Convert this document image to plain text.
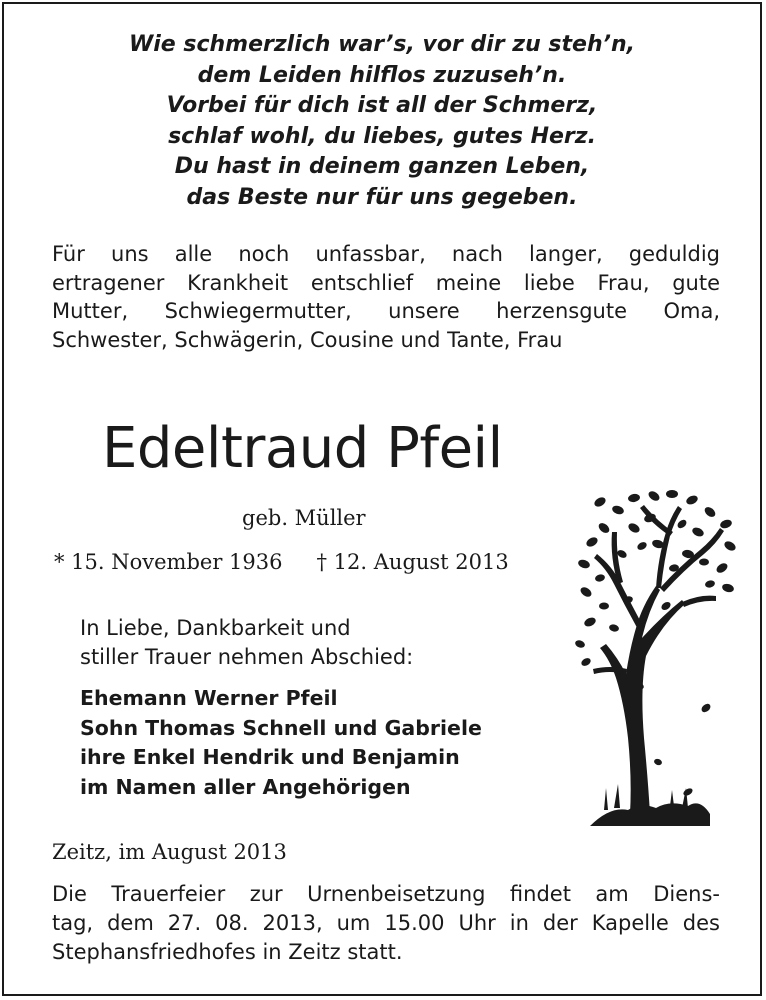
Wie schmerzlich war’s, vor dir zu steh’n,
dem Leiden hilflos zuzuseh’n.
Vorbei für dich ist all der Schmerz,
schlaf wohl, du liebes, gutes Herz.
Du hast in deinem ganzen Leben,
das Beste nur für uns gegeben.
Für uns alle noch unfassbar, nach langer, geduldig
ertragener Krankheit entschlief meine liebe Frau, gute
Mutter, Schwiegermutter, unsere herzensgute Oma,
Schwester, Schwägerin, Cousine und Tante, Frau
Edeltraud Pfeil
geb. Müller
* 15. November 1936 † 12. August 2013
In Liebe, Dankbarkeit und
stiller Trauer nehmen Abschied:
Ehemann Werner Pfeil
Sohn Thomas Schnell und Gabriele
ihre Enkel Hendrik und Benjamin
im Namen aller Angehörigen
Zeitz, im August 2013
Die Trauerfeier zur Urnenbeisetzung findet am Diens-
tag, dem 27. 08. 2013, um 15.00 Uhr in der Kapelle des
Stephansfriedhofes in Zeitz statt.
